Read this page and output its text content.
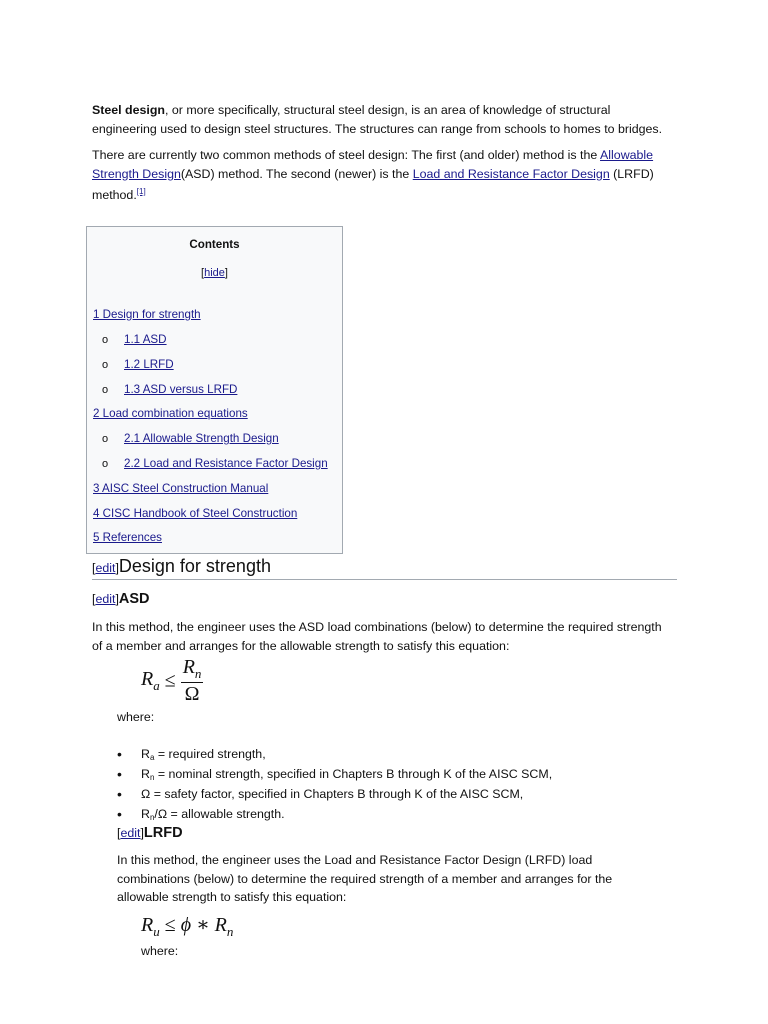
Steel design, or more specifically, structural steel design, is an area of knowledge of structural engineering used to design steel structures. The structures can range from schools to homes to bridges.

There are currently two common methods of steel design: The first (and older) method is the Allowable Strength Design(ASD) method. The second (newer) is the Load and Resistance Factor Design (LRFD) method.[1]

Contents
[hide]
1 Design for strength
o 1.1 ASD
o 1.2 LRFD
o 1.3 ASD versus LRFD
2 Load combination equations
o 2.1 Allowable Strength Design
o 2.2 Load and Resistance Factor Design
3 AISC Steel Construction Manual
4 CISC Handbook of Steel Construction
5 References
[edit]Design for strength
[edit]ASD

In this method, the engineer uses the ASD load combinations (below) to determine the required strength of a member and arranges for the allowable strength to satisfy this equation:

$R_a \le \frac{R_n}{\Omega}$
where:
• $R_a$ = required strength,
• $R_n$ = nominal strength, specified in Chapters B through K of the AISC SCM,
• Ω = safety factor, specified in Chapters B through K of the AISC SCM,
• $R_n/\Omega$ = allowable strength.
[edit]LRFD

In this method, the engineer uses the Load and Resistance Factor Design (LRFD) load combinations (below) to determine the required strength of a member and arranges for the allowable strength to satisfy this equation:

$R_u \le \phi$ ∗ $R_n$
where:
